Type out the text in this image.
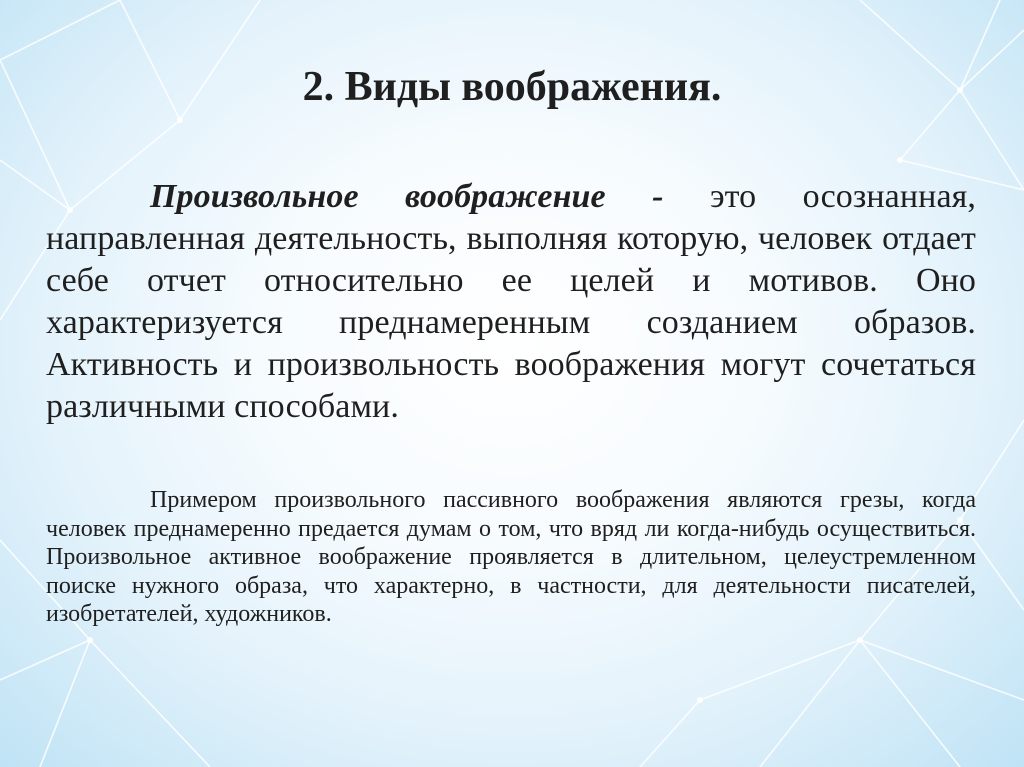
2. Виды воображения.

Произвольное воображение - это осознанная, направленная деятельность, выполняя которую, человек отдает себе отчет относительно ее целей и мотивов. Оно характеризуется преднамеренным созданием образов. Активность и произвольность воображения могут сочетаться различными способами.

Примером произвольного пассивного воображения являются грезы, когда человек преднамеренно предается думам о том, что вряд ли когда-нибудь осуществиться. Произвольное активное воображение проявляется в длительном, целеустремленном поиске нужного образа, что характерно, в частности, для деятельности писателей, изобретателей, художников.
